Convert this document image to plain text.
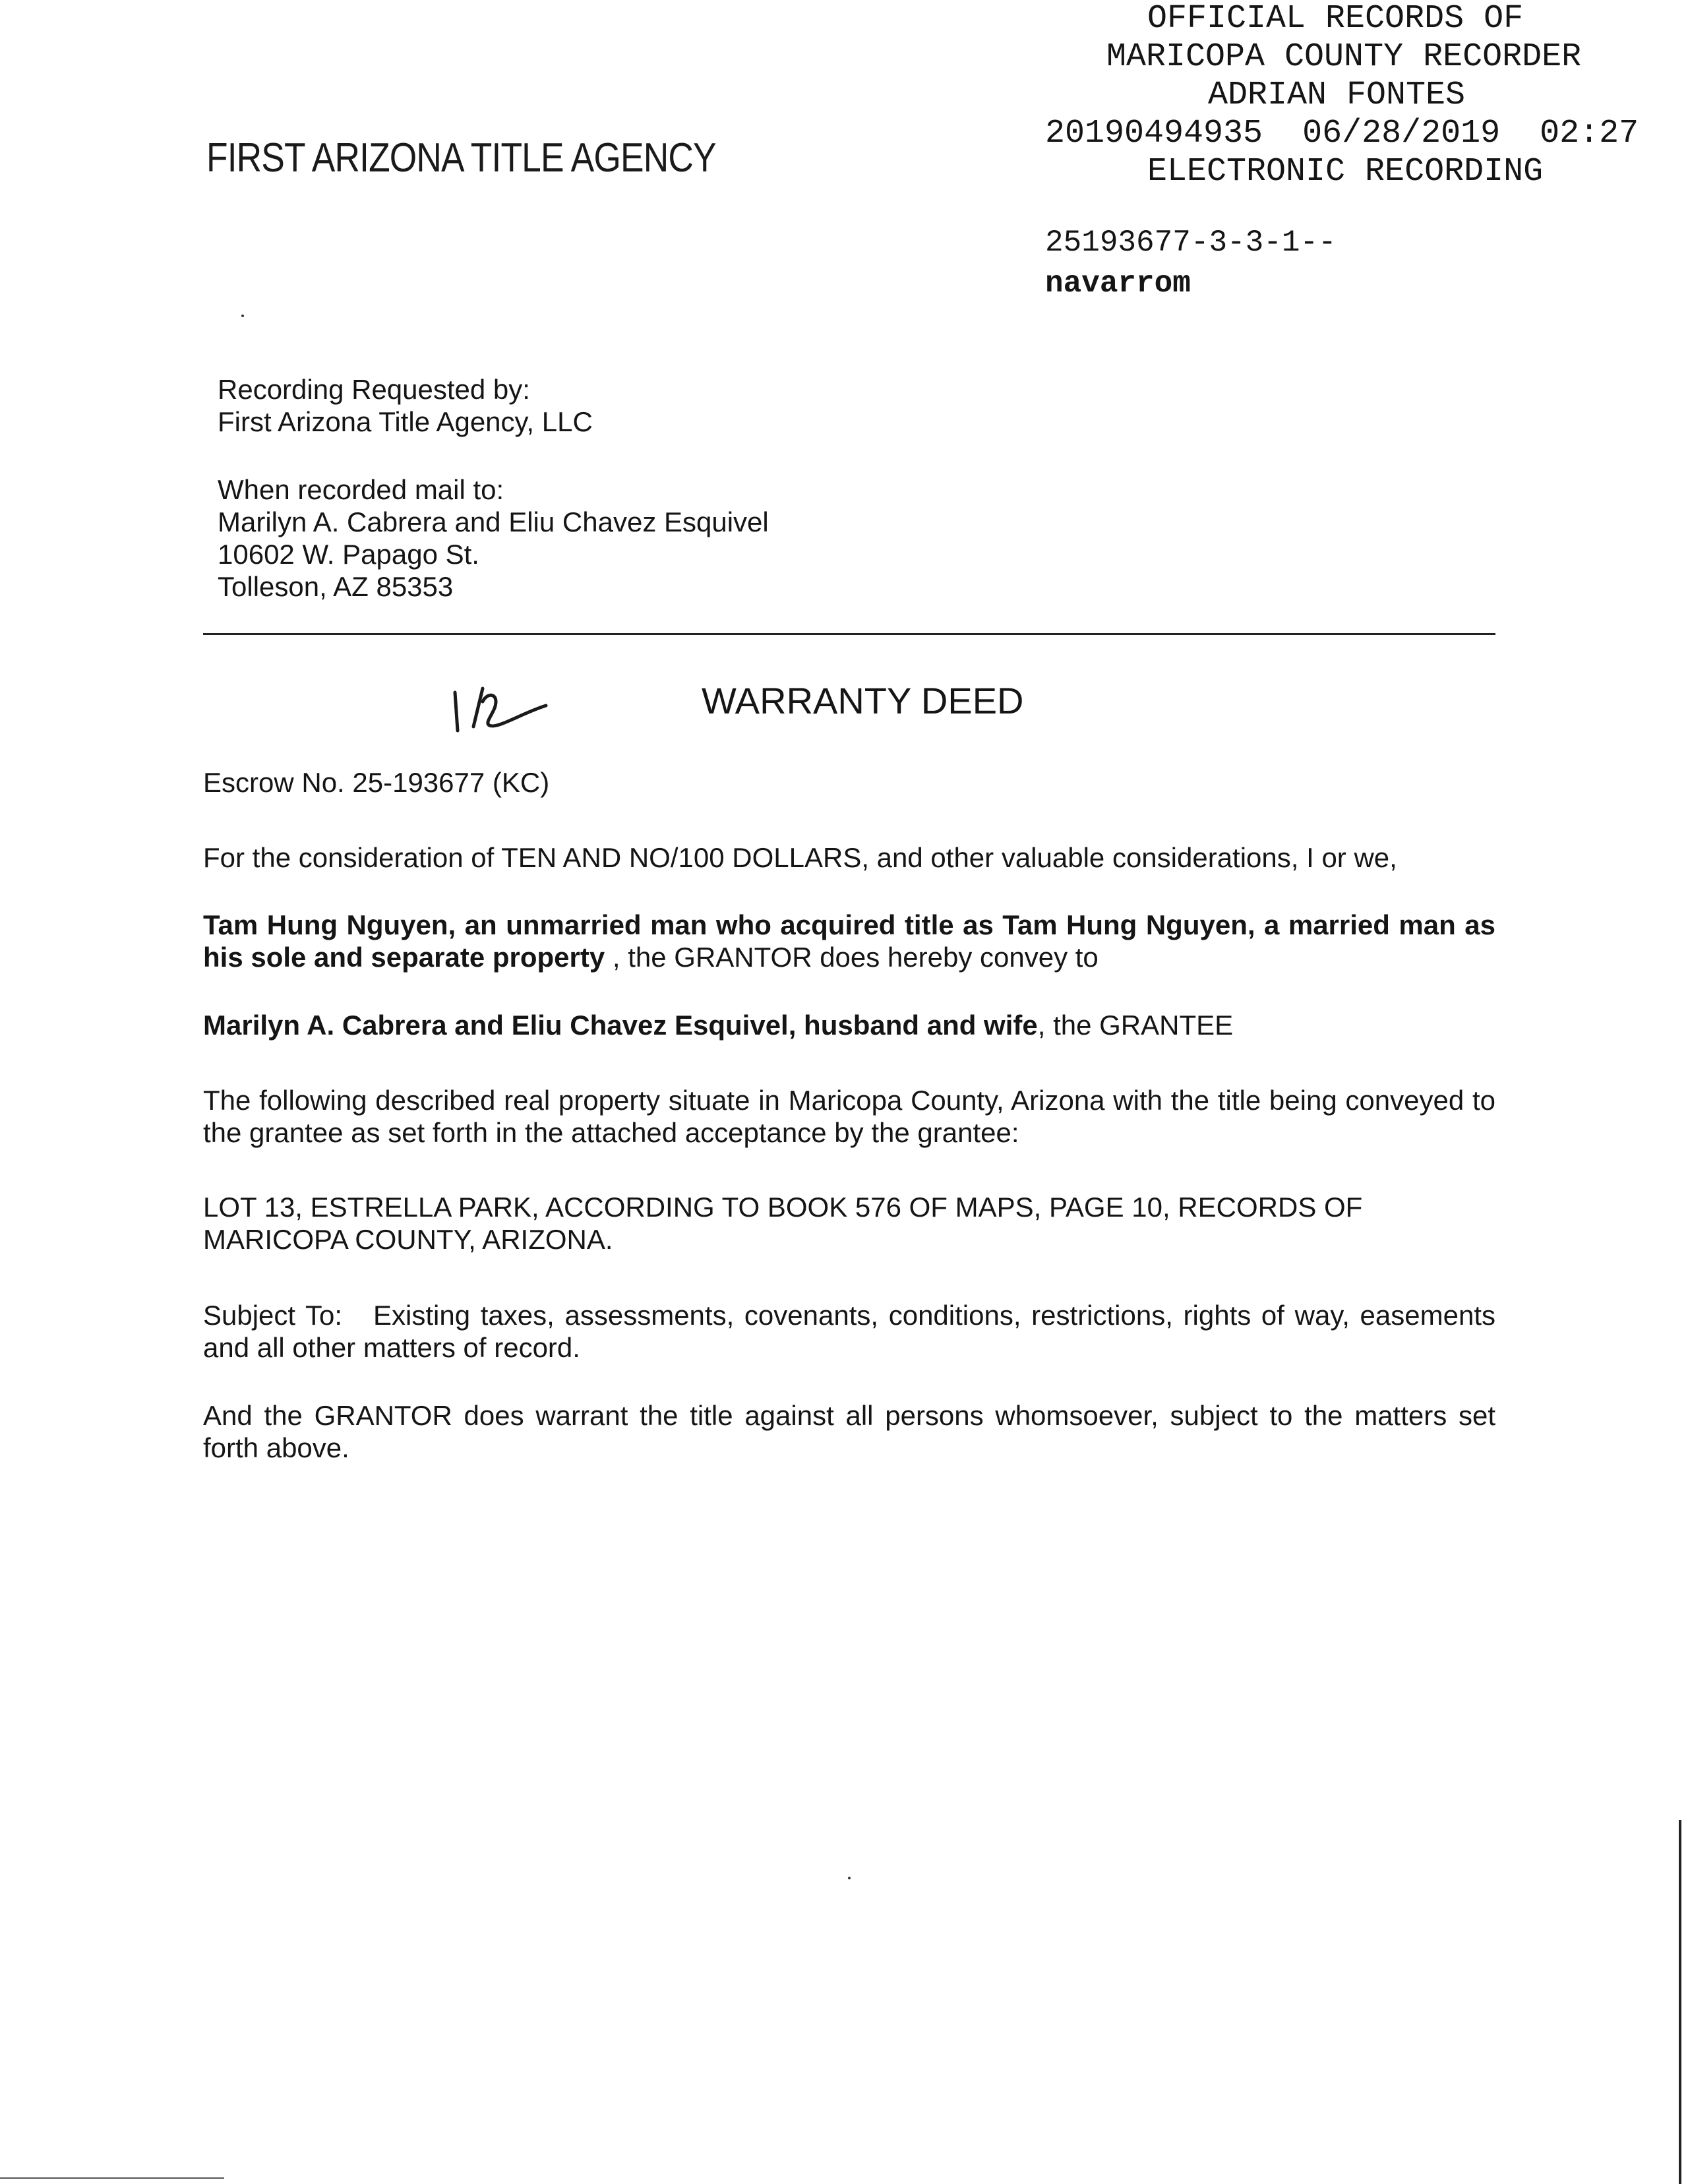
OFFICIAL RECORDS OF

MARICOPA COUNTY RECORDER

ADRIAN FONTES

20190494935  06/28/2019  02:27

ELECTRONIC RECORDING

FIRST ARIZONA TITLE AGENCY
25193677-3-3-1--
navarrom
Recording Requested by:
First Arizona Title Agency, LLC
When recorded mail to:
Marilyn A. Cabrera and Eliu Chavez Esquivel
10602 W. Papago St.
Tolleson, AZ 85353
WARRANTY DEED
Escrow No. 25-193677 (KC)
For the consideration of TEN AND NO/100 DOLLARS, and other valuable considerations, I or we,
Tam Hung Nguyen, an unmarried man who acquired title as Tam Hung Nguyen, a married man as his sole and separate property , the GRANTOR does hereby convey to
Marilyn A. Cabrera and Eliu Chavez Esquivel, husband and wife, the GRANTEE
The following described real property situate in Maricopa County, Arizona with the title being conveyed to the grantee as set forth in the attached acceptance by the grantee:
LOT 13, ESTRELLA PARK, ACCORDING TO BOOK 576 OF MAPS, PAGE 10, RECORDS OF MARICOPA COUNTY, ARIZONA.
Subject To:   Existing taxes, assessments, covenants, conditions, restrictions, rights of way, easements and all other matters of record.
And the GRANTOR does warrant the title against all persons whomsoever, subject to the matters set forth above.
